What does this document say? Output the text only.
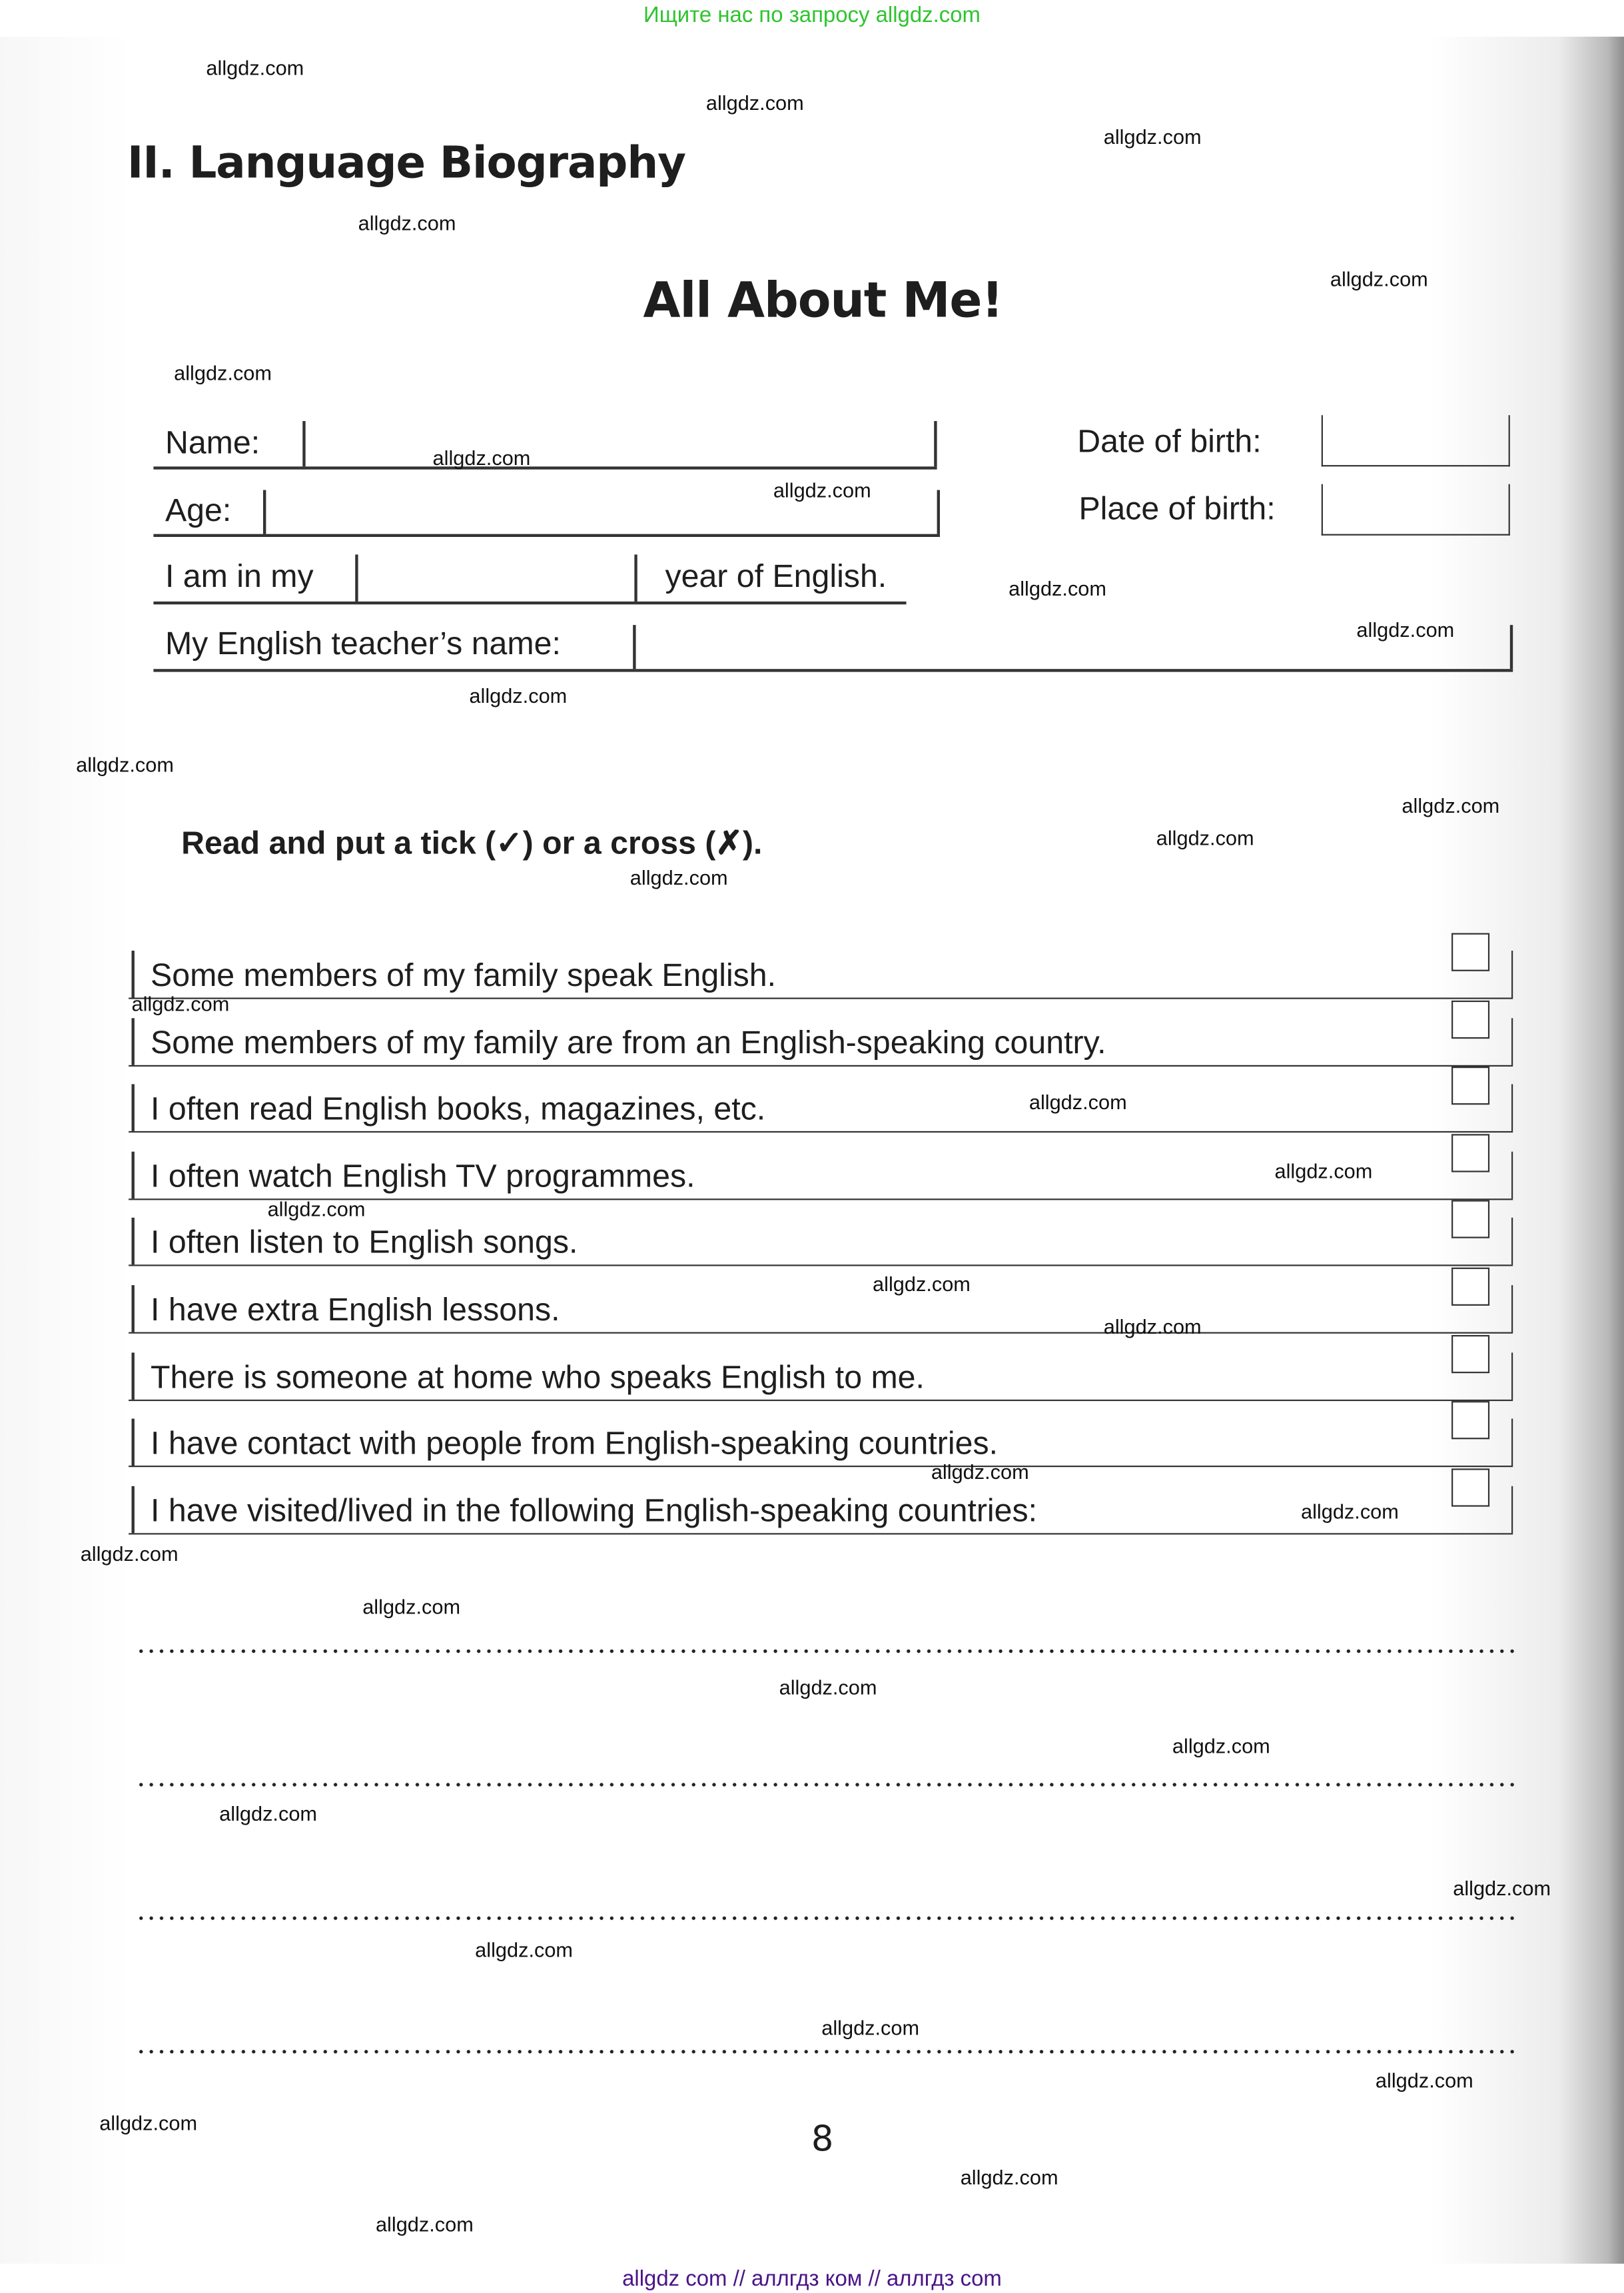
Ищите нас по запросу allgdz.com
II. Language Biography
All About Me!
Name:
Age:
Date of birth:
Place of birth:
I am in my	year of English.
My English teacher’s name:
Read and put a tick (✓) or a cross (✗).
Some members of my family speak English.
Some members of my family are from an English-speaking country.
I often read English books, magazines, etc.
I often watch English TV programmes.
I often listen to English songs.
I have extra English lessons.
There is someone at home who speaks English to me.
I have contact with people from English-speaking countries.
I have visited/lived in the following English-speaking countries:
8
allgdz.com
allgdz.com
allgdz.com
allgdz.com
allgdz.com
allgdz.com
allgdz.com
allgdz.com
allgdz.com
allgdz.com
allgdz.com
allgdz.com
allgdz.com
allgdz.com
allgdz.com
allgdz.com
allgdz.com
allgdz.com
allgdz.com
allgdz.com
allgdz.com
allgdz.com
allgdz.com
allgdz.com
allgdz.com
allgdz.com
allgdz.com
allgdz.com
allgdz.com
allgdz.com
allgdz.com
allgdz.com
allgdz.com
allgdz.com
allgdz.com
allgdz com // аллгдз ком // аллгдз com
